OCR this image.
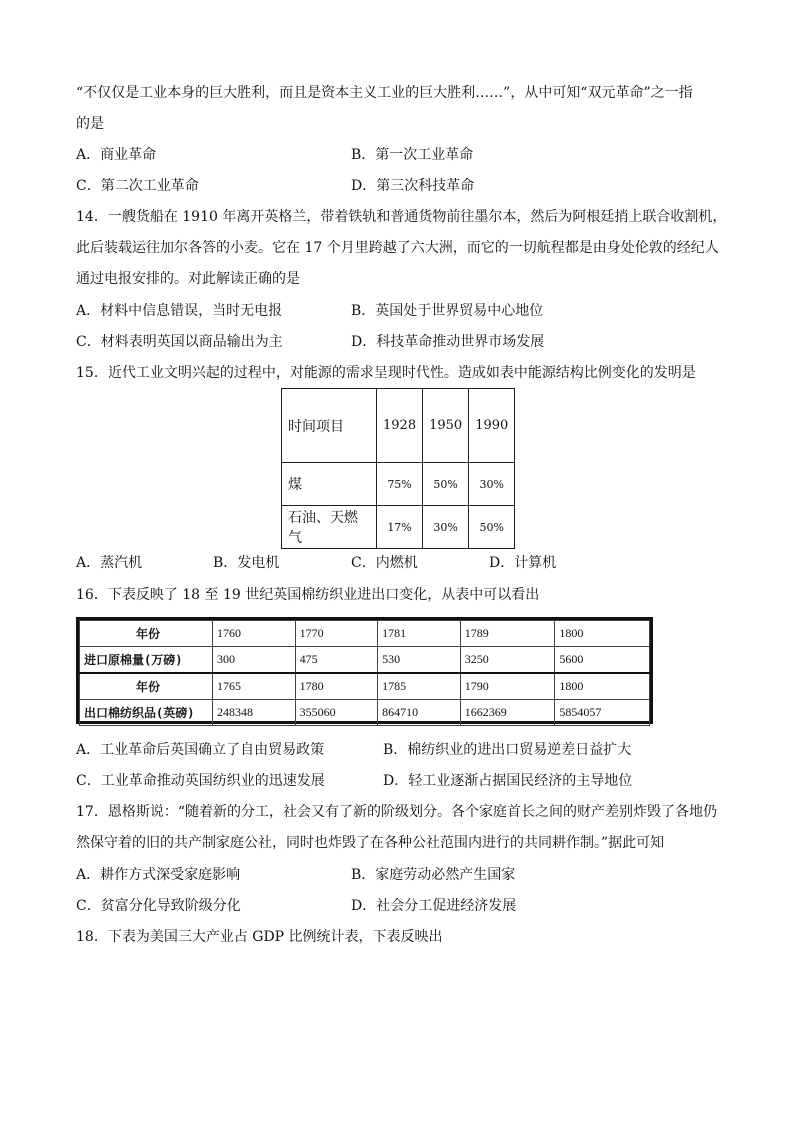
“不仅仅是工业本身的巨大胜利，而且是资本主义工业的巨大胜利……”，从中可知“双元革命”之一指
的是
A．商业革命	B．第一次工业革命
C．第二次工业革命	D．第三次科技革命
14．一艘货船在 1910 年离开英格兰，带着铁轨和普通货物前往墨尔本，然后为阿根廷捎上联合收割机，
此后装载运往加尔各答的小麦。它在 17 个月里跨越了六大洲，而它的一切航程都是由身处伦敦的经纪人
通过电报安排的。对此解读正确的是
A．材料中信息错误，当时无电报	B．英国处于世界贸易中心地位
C．材料表明英国以商品输出为主	D．科技革命推动世界市场发展
15．近代工业文明兴起的过程中，对能源的需求呈现时代性。造成如表中能源结构比例变化的发明是
时间项目	1928	1950	1990
煤	75%	50%	30%
石油、天燃气	17%	30%	50%
A．蒸汽机	B．发电机	C．内燃机	D．计算机
16．下表反映了 18 至 19 世纪英国棉纺织业进出口变化，从表中可以看出
年份	1760	1770	1781	1789	1800
进口原棉量(万磅)	300	475	530	3250	5600
年份	1765	1780	1785	1790	1800
出口棉纺织品(英磅)	248348	355060	864710	1662369	5854057
A．工业革命后英国确立了自由贸易政策	B．棉纺织业的进出口贸易逆差日益扩大
C．工业革命推动英国纺织业的迅速发展	D．轻工业逐渐占据国民经济的主导地位
17．恩格斯说：“随着新的分工，社会又有了新的阶级划分。各个家庭首长之间的财产差别炸毁了各地仍
然保守着的旧的共产制家庭公社，同时也炸毁了在各种公社范围内进行的共同耕作制。”据此可知
A．耕作方式深受家庭影响	B．家庭劳动必然产生国家
C．贫富分化导致阶级分化	D．社会分工促进经济发展
18．下表为美国三大产业占 GDP 比例统计表，下表反映出
